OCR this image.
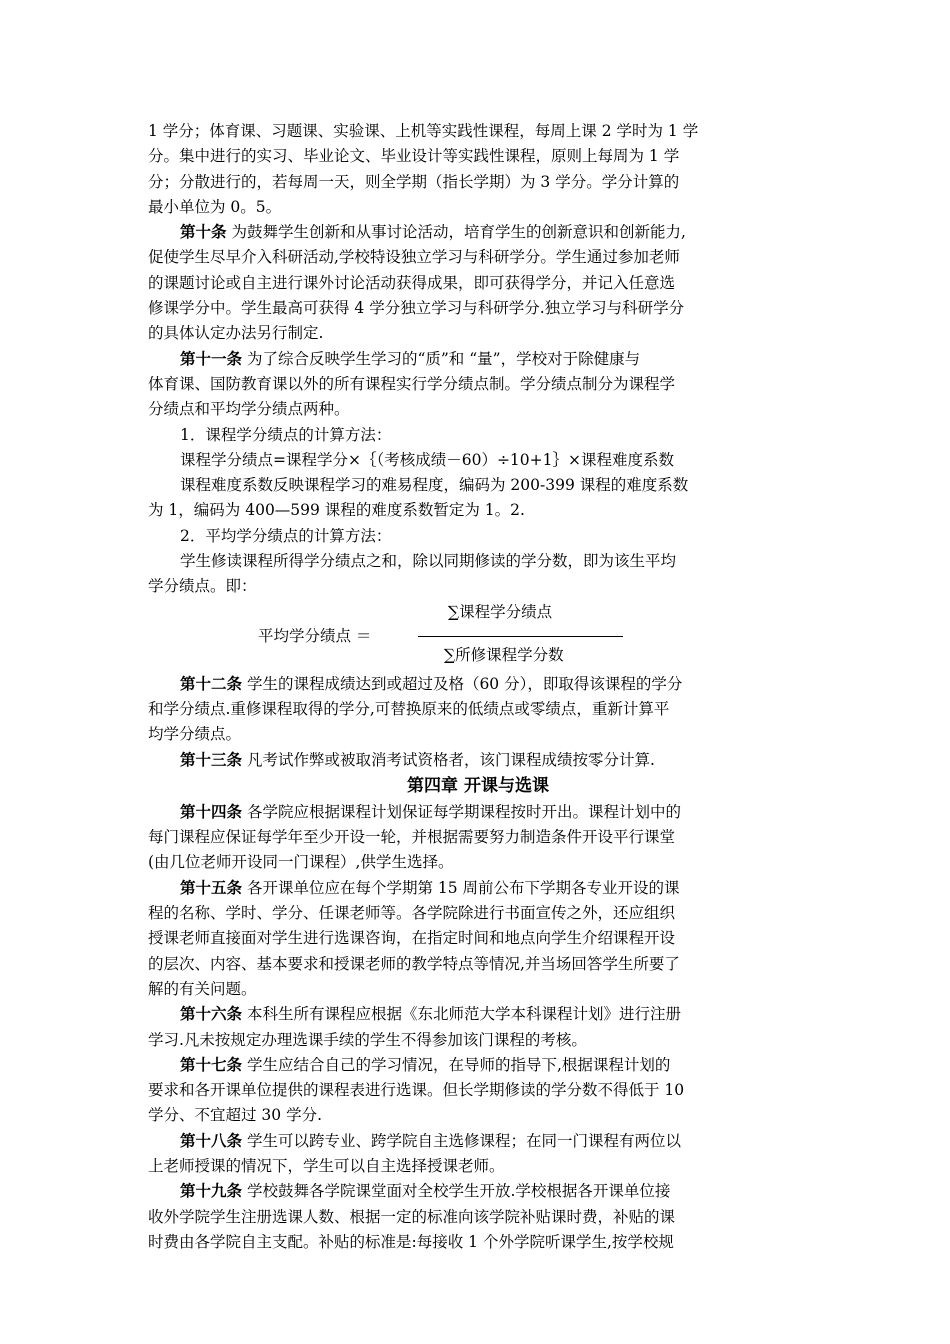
1 学分；体育课、习题课、实验课、上机等实践性课程，每周上课 2 学时为 1 学
分。集中进行的实习、毕业论文、毕业设计等实践性课程，原则上每周为 1 学
分；分散进行的，若每周一天，则全学期（指长学期）为 3 学分。学分计算的
最小单位为 0。5。
第十条 为鼓舞学生创新和从事讨论活动，培育学生的创新意识和创新能力,
促使学生尽早介入科研活动,学校特设独立学习与科研学分。学生通过参加老师
的课题讨论或自主进行课外讨论活动获得成果，即可获得学分，并记入任意选
修课学分中。学生最高可获得 4 学分独立学习与科研学分.独立学习与科研学分
的具体认定办法另行制定.
第十一条 为了综合反映学生学习的“质”和 “量”，学校对于除健康与
体育课、国防教育课以外的所有课程实行学分绩点制。学分绩点制分为课程学
分绩点和平均学分绩点两种。
1．课程学分绩点的计算方法：
课程学分绩点=课程学分×｛（考核成绩－60）÷10+1｝×课程难度系数
课程难度系数反映课程学习的难易程度，编码为 200-399 课程的难度系数
为 1，编码为 400—599 课程的难度系数暂定为 1。2.
2．平均学分绩点的计算方法：
学生修读课程所得学分绩点之和，除以同期修读的学分数，即为该生平均
学分绩点。即：
平均学分绩点 ＝
∑课程学分绩点
∑所修课程学分数
第十二条 学生的课程成绩达到或超过及格（60 分），即取得该课程的学分
和学分绩点.重修课程取得的学分,可替换原来的低绩点或零绩点，重新计算平
均学分绩点。
第十三条 凡考试作弊或被取消考试资格者，该门课程成绩按零分计算.
第四章 开课与选课
第十四条 各学院应根据课程计划保证每学期课程按时开出。课程计划中的
每门课程应保证每学年至少开设一轮，并根据需要努力制造条件开设平行课堂
(由几位老师开设同一门课程）,供学生选择。
第十五条 各开课单位应在每个学期第 15 周前公布下学期各专业开设的课
程的名称、学时、学分、任课老师等。各学院除进行书面宣传之外，还应组织
授课老师直接面对学生进行选课咨询，在指定时间和地点向学生介绍课程开设
的层次、内容、基本要求和授课老师的教学特点等情况,并当场回答学生所要了
解的有关问题。
第十六条 本科生所有课程应根据《东北师范大学本科课程计划》进行注册
学习.凡未按规定办理选课手续的学生不得参加该门课程的考核。
第十七条 学生应结合自己的学习情况，在导师的指导下,根据课程计划的
要求和各开课单位提供的课程表进行选课。但长学期修读的学分数不得低于 10
学分、不宜超过 30 学分.
第十八条 学生可以跨专业、跨学院自主选修课程；在同一门课程有两位以
上老师授课的情况下，学生可以自主选择授课老师。
第十九条 学校鼓舞各学院课堂面对全校学生开放.学校根据各开课单位接
收外学院学生注册选课人数、根据一定的标准向该学院补贴课时费，补贴的课
时费由各学院自主支配。补贴的标准是:每接收 1 个外学院听课学生,按学校规
